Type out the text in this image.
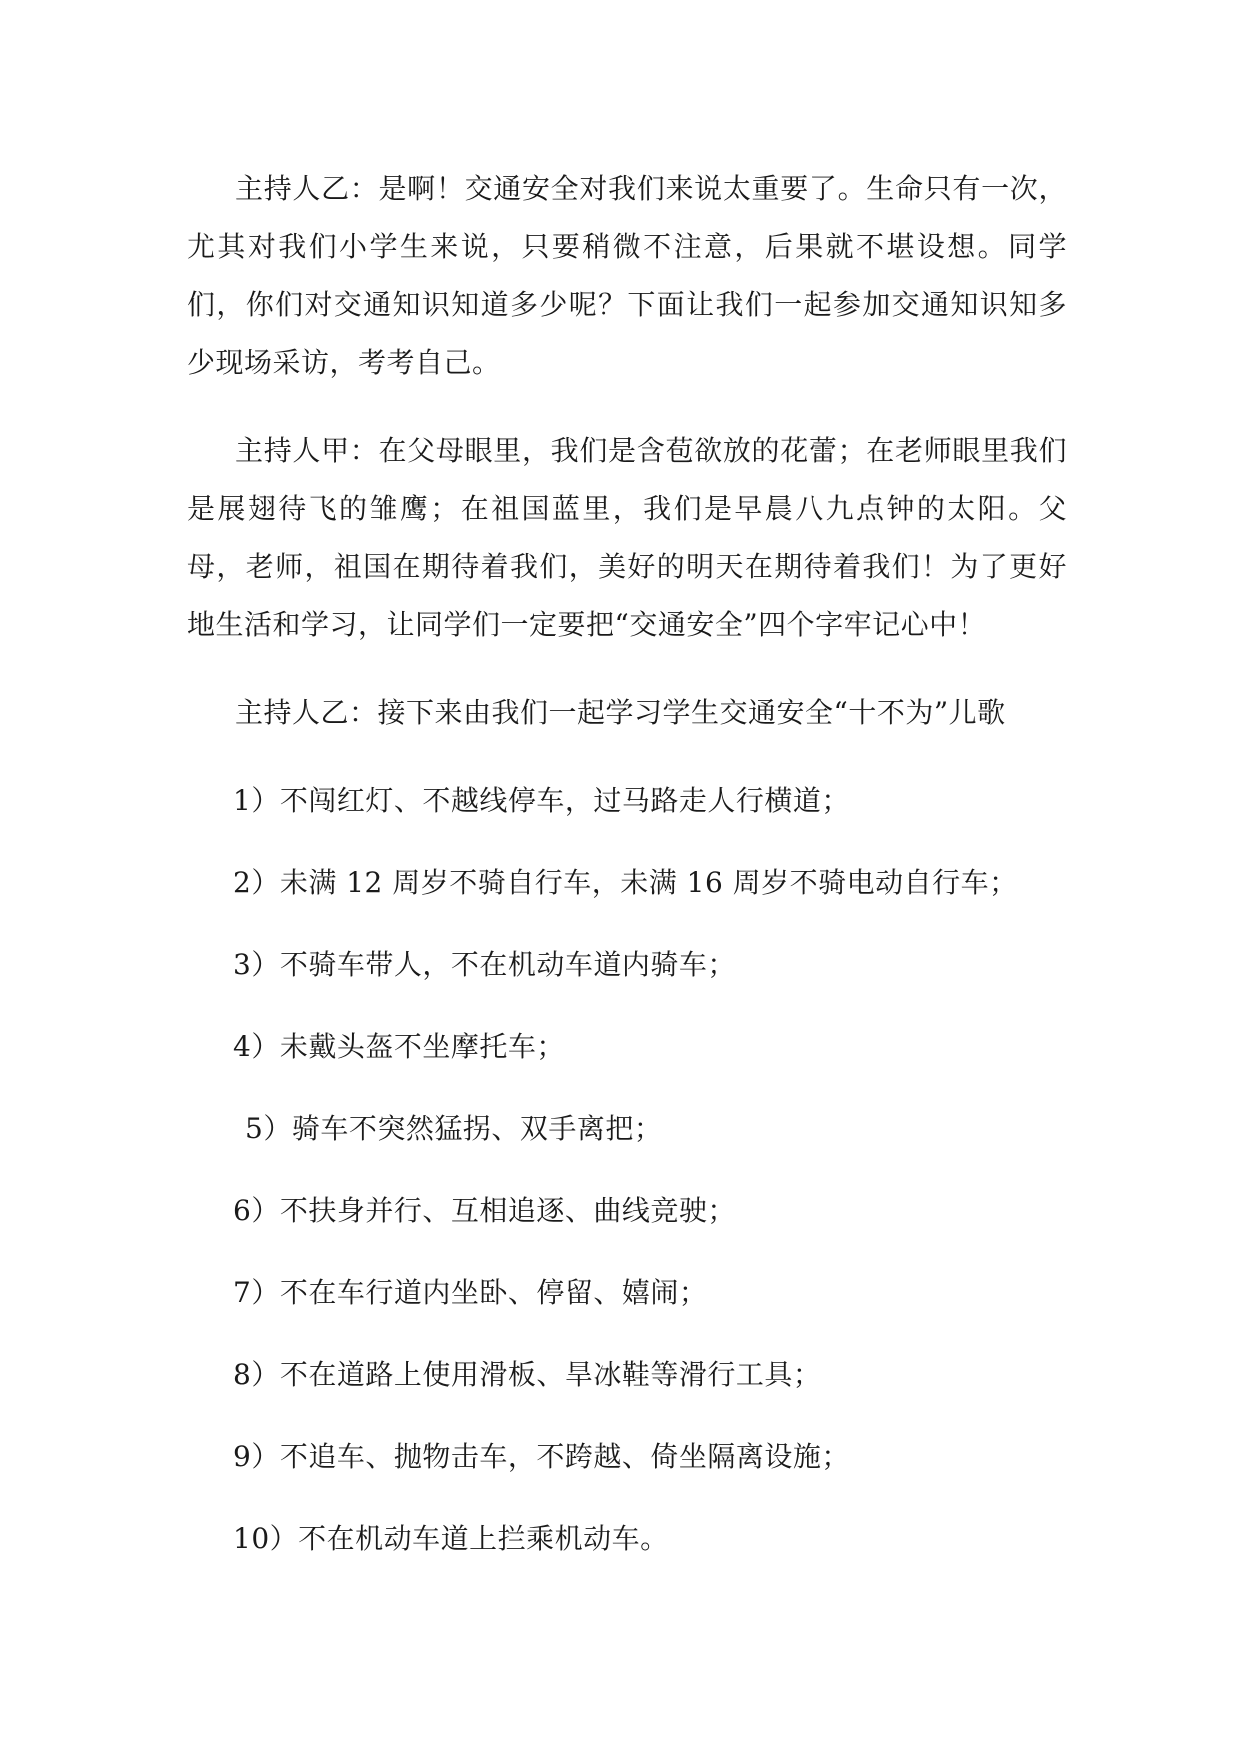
主持人乙：是啊！交通安全对我们来说太重要了。生命只有一次，尤其对我们小学生来说，只要稍微不注意，后果就不堪设想。同学们，你们对交通知识知道多少呢？下面让我们一起参加交通知识知多少现场采访，考考自己。

主持人甲：在父母眼里，我们是含苞欲放的花蕾；在老师眼里我们是展翅待飞的雏鹰；在祖国蓝里，我们是早晨八九点钟的太阳。父母，老师，祖国在期待着我们，美好的明天在期待着我们！为了更好地生活和学习，让同学们一定要把“交通安全”四个字牢记心中！

主持人乙：接下来由我们一起学习学生交通安全“十不为”儿歌

1）不闯红灯、不越线停车，过马路走人行横道；
2）未满 12 周岁不骑自行车，未满 16 周岁不骑电动自行车；
3）不骑车带人，不在机动车道内骑车；
4）未戴头盔不坐摩托车；
5）骑车不突然猛拐、双手离把；
6）不扶身并行、互相追逐、曲线竞驶；
7）不在车行道内坐卧、停留、嬉闹；
8）不在道路上使用滑板、旱冰鞋等滑行工具；
9）不追车、抛物击车，不跨越、倚坐隔离设施；
10）不在机动车道上拦乘机动车。
